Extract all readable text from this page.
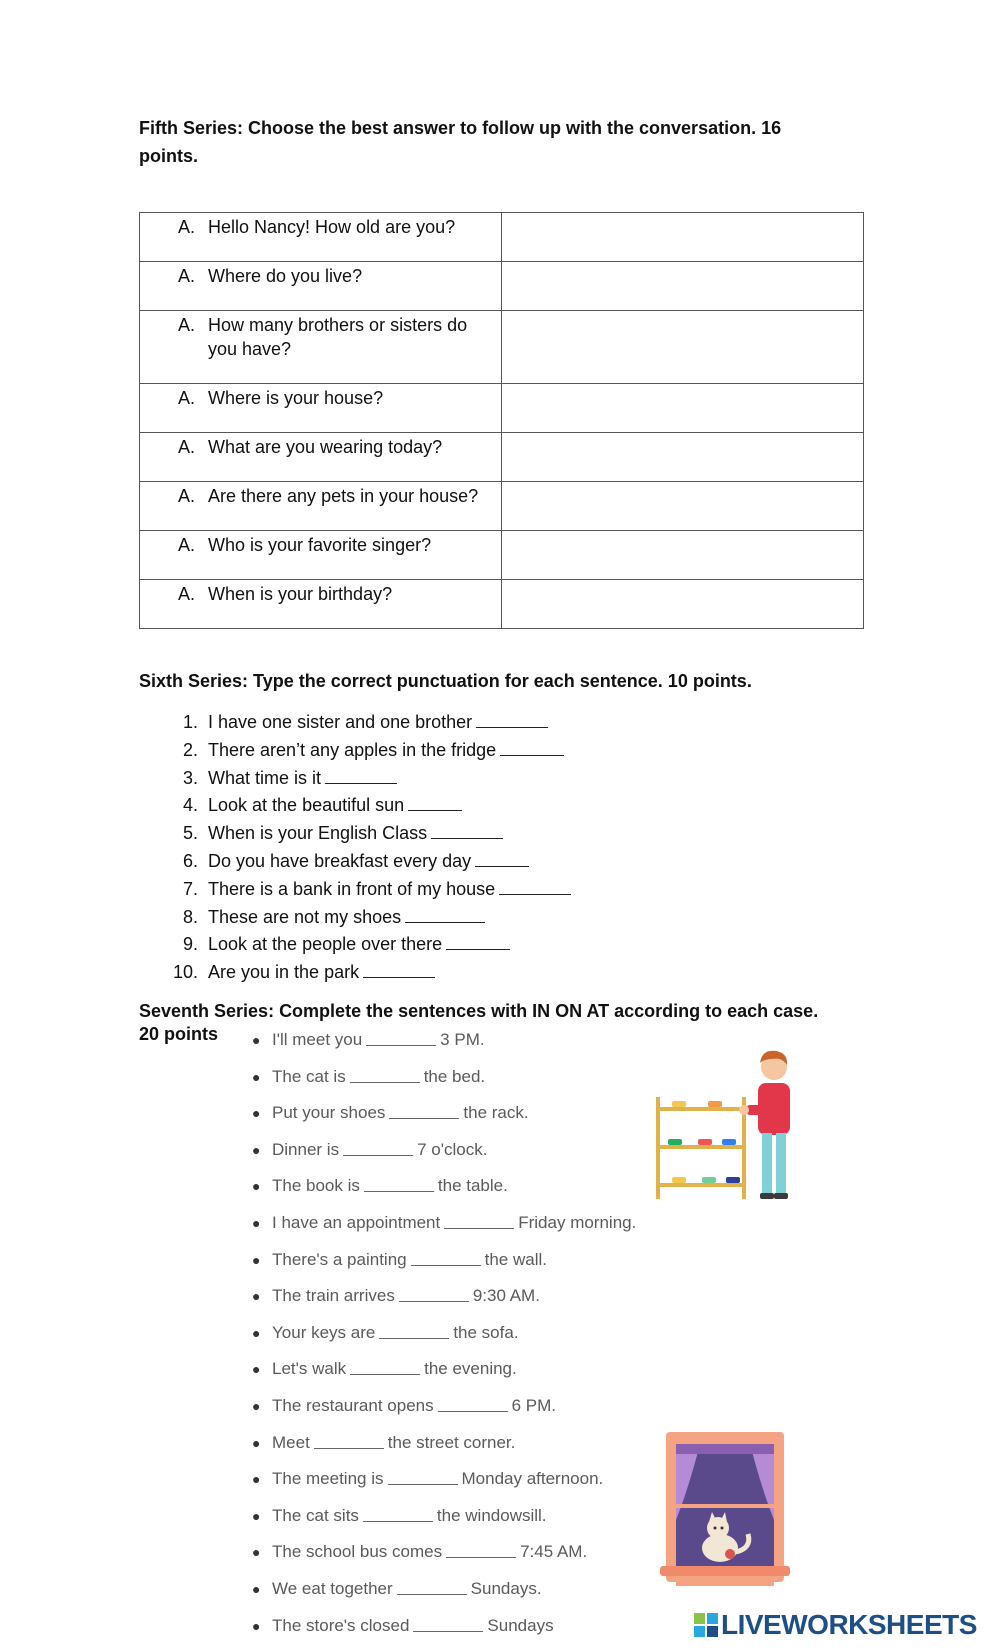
Fifth Series: Choose the best answer to follow up with the conversation. 16 points.
A. Hello Nancy! How old are you?	

A. Where do you live?	

A. How many brothers or sisters do you have?	

A. Where is your house?	

A. What are you wearing today?	

A. Are there any pets in your house?	

A. Who is your favorite singer?	

A. When is your birthday?	

Sixth Series: Type the correct punctuation for each sentence. 10 points.
1. I have one sister and one brother
2. There aren’t any apples in the fridge
3. What time is it
4. Look at the beautiful sun
5. When is your English Class
6. Do you have breakfast every day
7. There is a bank in front of my house
8. These are not my shoes
9. Look at the people over there
10. Are you in the park
Seventh Series: Complete the sentences with IN ON AT according to each case.
20 points ● I'll meet you	3 PM.
● The cat is	the bed.
● Put your shoes	the rack.
● Dinner is	7 o'clock.
● The book is	the table.
● I have an appointment	Friday morning.
● There's a painting	the wall.
● The train arrives	9:30 AM.
● Your keys are	the sofa.
● Let's walk	the evening.
● The restaurant opens	6 PM.
● Meet	the street corner.
● The meeting is	Monday afternoon.
● The cat sits	the windowsill.
● The school bus comes	7:45 AM.
● We eat together	Sundays.
● The store's closed	Sundays	LIVEWORKSHEETS
